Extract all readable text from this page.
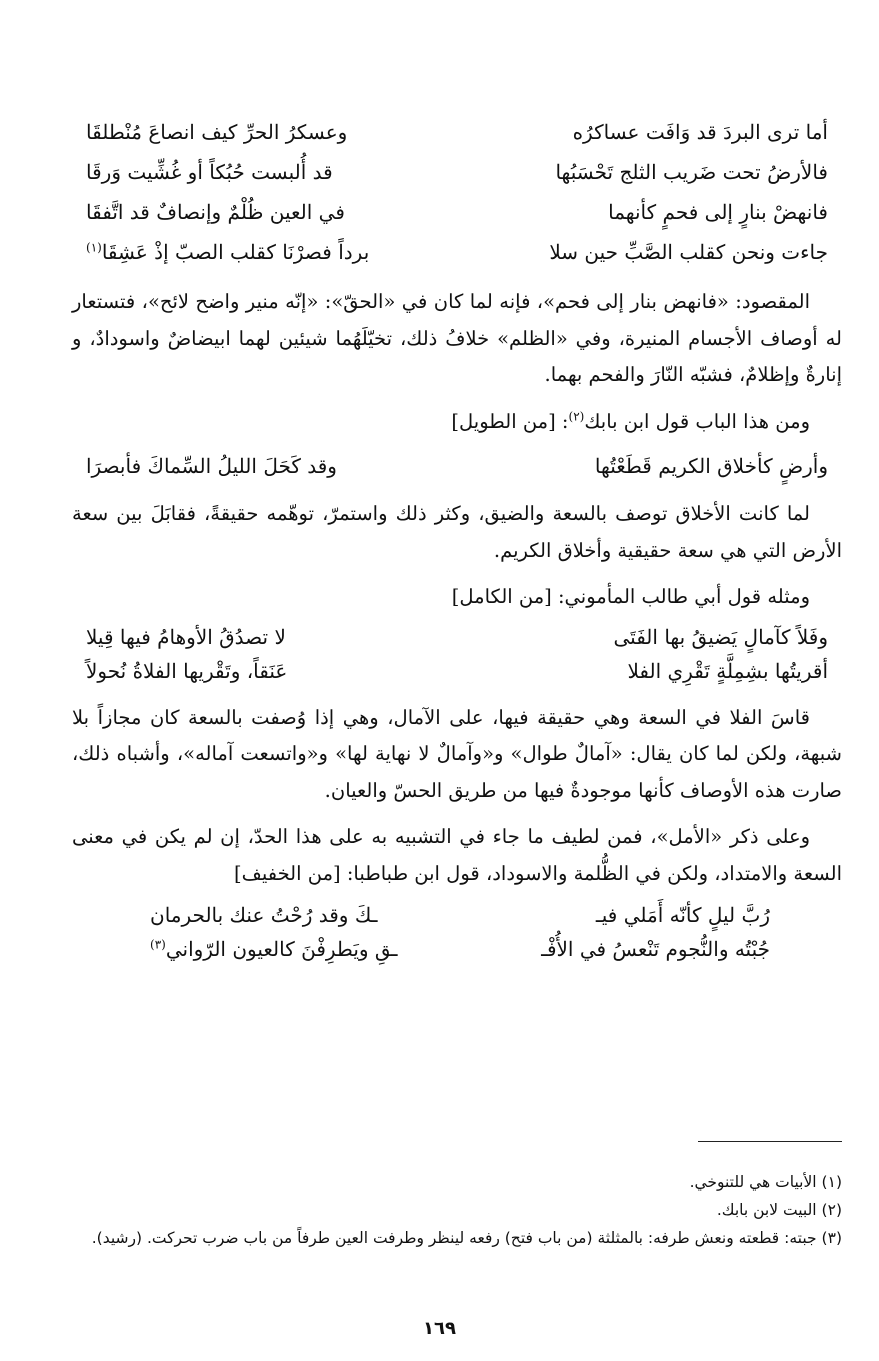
أما ترى البردَ قد وَافَت عساكرُه
وعسكرُ الحرِّ كيف انصاعَ مُنْطلقَا
فالأرضُ تحت ضَريب الثلج تَحْسَبُها
قد أُلبست حُبُكاً أو غُشِّيت وَرقَا
فانهضْ بنارٍ إلى فحمٍ كأنهما
في العين ظُلْمٌ وإنصافٌ قد اتَّفقَا
جاءت ونحن كقلب الصَّبِّ حين سلا
برداً فصرْنَا كقلب الصبّ إذْ عَشِقَا$^{(١)}$

المقصود: «فانهض بنار إلى فحم»، فإنه لما كان في «الحقّ»: «إنّه منير واضح لائح»، فتستعار له أوصاف الأجسام المنيرة، وفي «الظلم» خلافُ ذلك، تخيّلَهُما شيئين لهما ابيضاضٌ واسودادٌ، و إنارةٌ وإظلامٌ، فشبّه النّارَ والفحم بهما.

ومن هذا الباب قول ابن بابك$^{(٢)}$: [من الطويل]

وأرضٍ كأخلاق الكريم قَطَعْتُها
وقد كَحَلَ الليلُ السِّماكَ فأبصرَا

لما كانت الأخلاق توصف بالسعة والضيق، وكثر ذلك واستمرّ، توهّمه حقيقةً، فقابَلَ بين سعة الأرض التي هي سعة حقيقية وأخلاق الكريم.

ومثله قول أبي طالب المأموني: [من الكامل]

وفَلاً كآمالٍ يَضيقُ بها الفَتَى
لا تصدُقُ الأوهامُ فيها قِيلا
أقريتُها بشِمِلَّةٍ تَقْرِي الفلا
عَنَقاً، وتَقْريها الفلاةُ نُحولاً

قاسَ الفلا في السعة وهي حقيقة فيها، على الآمال، وهي إذا وُصفت بالسعة كان مجازاً بلا شبهة، ولكن لما كان يقال: «آمالٌ طوال» و«وآمالٌ لا نهاية لها» و«واتسعت آماله»، وأشباه ذلك، صارت هذه الأوصاف كأنها موجودةٌ فيها من طريق الحسّ والعيان.

وعلى ذكر «الأمل»، فمن لطيف ما جاء في التشبيه به على هذا الحدّ، إن لم يكن في معنى السعة والامتداد، ولكن في الظُّلمة والاسوداد، قول ابن طباطبا: [من الخفيف]

رُبَّ ليلٍ كأنّه أَمَلي فيـ
ـكَ وقد رُحْتُ عنك بالحرمان
جُبْتُه والنُّجوم تَنْعسُ في الأُفْـ
ـقِ ويَطرِفْنَ كالعيون الرّواني$^{(٣)}$

(١) الأبيات هي للتنوخي.

(٢) البيت لابن بابك.

(٣) جبته: قطعته ونعش طرفه: بالمثلثة (من باب فتح) رفعه لينظر وطرفت العين طرفاً من باب ضرب تحركت. (رشيد).

١٦٩
